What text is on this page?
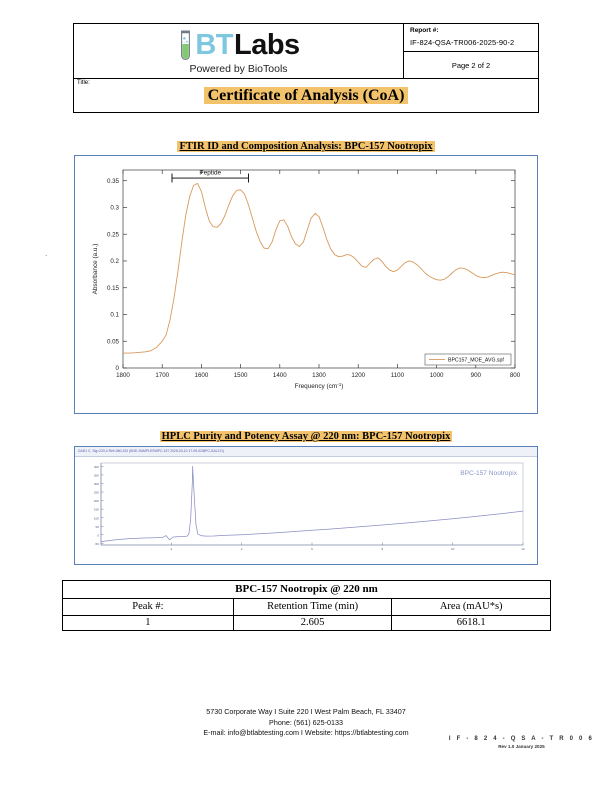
BT Labs
Powered by BioTools
Report #:
IF-824-QSA-TR006-2025-90-2
Page 2 of 2
Title:
Certificate of Analysis (CoA)
FTIR ID and Composition Analysis: BPC-157 Nootropix
·
1800	1700	1600	1500	1400	1300	1200	1100	1000	900	800
0
0.05
0.1
0.15
0.2
0.25
0.3
0.35
Peptide
Absorbance (a.u.)
Frequency $(cm^{-1})$
BPC157_MOE_AVG.spf
HPLC Purity and Potency Assay @ 220 nm: BPC-157 Nootropix
DAD1 C, Sig=220,4 Ref=360,100 (BGE-SAMPLES\BPC-157 2025-03-10 17-09-02\BPC-SAL2.D)
-50
0
50
100
150
200
250
300
350
400
2	4	6	8	10	12
BPC-157 Nootropix
BPC-157 Nootropix @ 220 nm		
Peak #:	Retention Time (min)	Area (mAU*s)
1	2.605	6618.1
5730 Corporate Way I Suite 220 I West Palm Beach, FL 33407
Phone: (561) 625-0133
E-mail: info@btlabtesting.com I Website: https://btlabtesting.com
I F - 8 2 4 - Q S A - T R 0 0 6
Rev 1.0 January 2025
